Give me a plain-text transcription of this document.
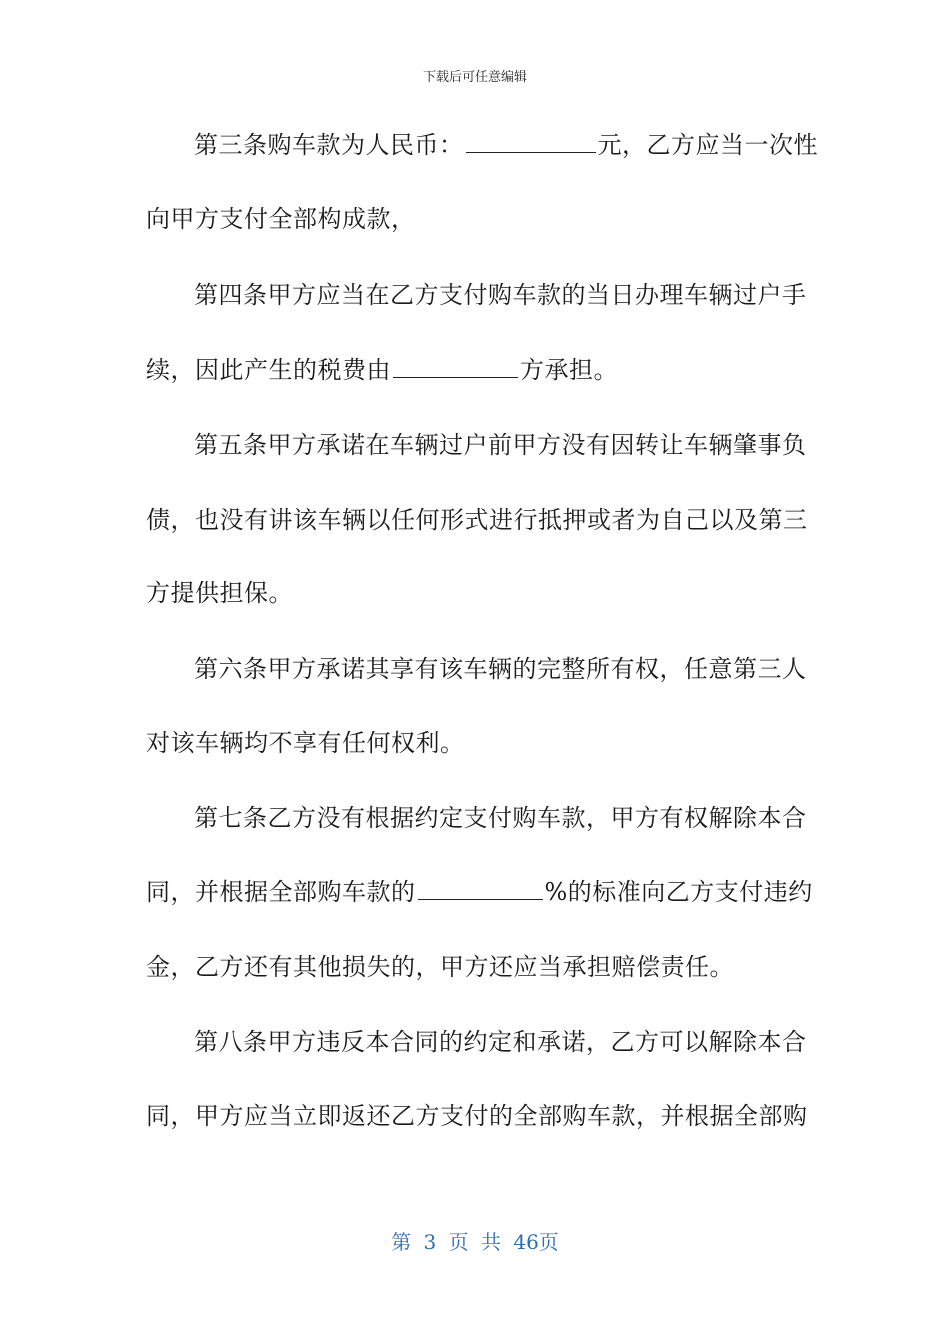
下载后可任意编辑
第三条购车款为人民币：	元，乙方应当一次性
向甲方支付全部构成款，
第四条甲方应当在乙方支付购车款的当日办理车辆过户手
续，因此产生的税费由	方承担。
第五条甲方承诺在车辆过户前甲方没有因转让车辆肇事负
债，也没有讲该车辆以任何形式进行抵押或者为自己以及第三
方提供担保。
第六条甲方承诺其享有该车辆的完整所有权，任意第三人
对该车辆均不享有任何权利。
第七条乙方没有根据约定支付购车款，甲方有权解除本合
同，并根据全部购车款的	%的标准向乙方支付违约
金，乙方还有其他损失的，甲方还应当承担赔偿责任。
第八条甲方违反本合同的约定和承诺，乙方可以解除本合
同，甲方应当立即返还乙方支付的全部购车款，并根据全部购
第 3 页 共 46页
